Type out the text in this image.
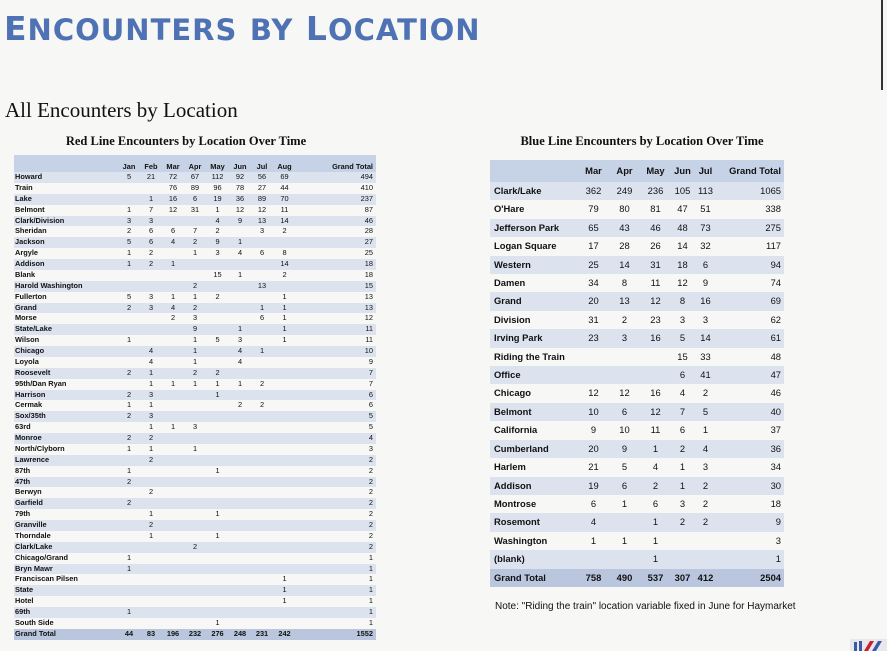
ENCOUNTERS BY LOCATION
All Encounters by Location
Red Line Encounters by Location Over Time
	Jan	Feb	Mar	Apr	May	Jun	Jul	Aug	Grand Total
Howard	5	21	72	67	112	92	56	69	494
Train			76	89	96	78	27	44	410
Lake		1	16	6	19	36	89	70	237
Belmont	1	7	12	31	1	12	12	11	87
Clark/Division	3	3			4	9	13	14	46
Sheridan	2	6	6	7	2		3	2	28
Jackson	5	6	4	2	9	1			27
Argyle	1	2		1	3	4	6	8	25
Addison	1	2	1					14	18
Blank					15	1		2	18
Harold Washington				2			13		15
Fullerton	5	3	1	1	2			1	13
Grand	2	3	4	2			1	1	13
Morse			2	3			6	1	12
State/Lake				9		1		1	11
Wilson	1			1	5	3		1	11
Chicago		4		1		4	1		10
Loyola		4		1		4			9
Roosevelt	2	1		2	2				7
95th/Dan Ryan		1	1	1	1	1	2		7
Harrison	2	3			1				6
Cermak	1	1				2	2		6
Sox/35th	2	3							5
63rd		1	1	3					5
Monroe	2	2							4
North/Clyborn	1	1		1					3
Lawrence		2							2
87th	1				1				2
47th	2								2
Berwyn		2							2
Garfield	2								2
79th		1			1				2
Granville		2							2
Thorndale		1			1				2
Clark/Lake				2					2
Chicago/Grand	1								1
Bryn Mawr	1								1
Franciscan Pilsen								1	1
State								1	1
Hotel								1	1
69th	1								1
South Side					1				1
Grand Total	44	83	196	232	276	248	231	242	1552
Blue Line Encounters by Location Over Time
	Mar	Apr	May	Jun	Jul	Grand Total
Clark/Lake	362	249	236	105	113	1065
O'Hare	79	80	81	47	51	338
Jefferson Park	65	43	46	48	73	275
Logan Square	17	28	26	14	32	117
Western	25	14	31	18	6	94
Damen	34	8	11	12	9	74
Grand	20	13	12	8	16	69
Division	31	2	23	3	3	62
Irving Park	23	3	16	5	14	61
Riding the Train				15	33	48
Office				6	41	47
Chicago	12	12	16	4	2	46
Belmont	10	6	12	7	5	40
California	9	10	11	6	1	37
Cumberland	20	9	1	2	4	36
Harlem	21	5	4	1	3	34
Addison	19	6	2	1	2	30
Montrose	6	1	6	3	2	18
Rosemont	4		1	2	2	9
Washington	1	1	1			3
(blank)			1			1
Grand Total	758	490	537	307	412	2504
Note: "Riding the train" location variable fixed in June for Haymarket
